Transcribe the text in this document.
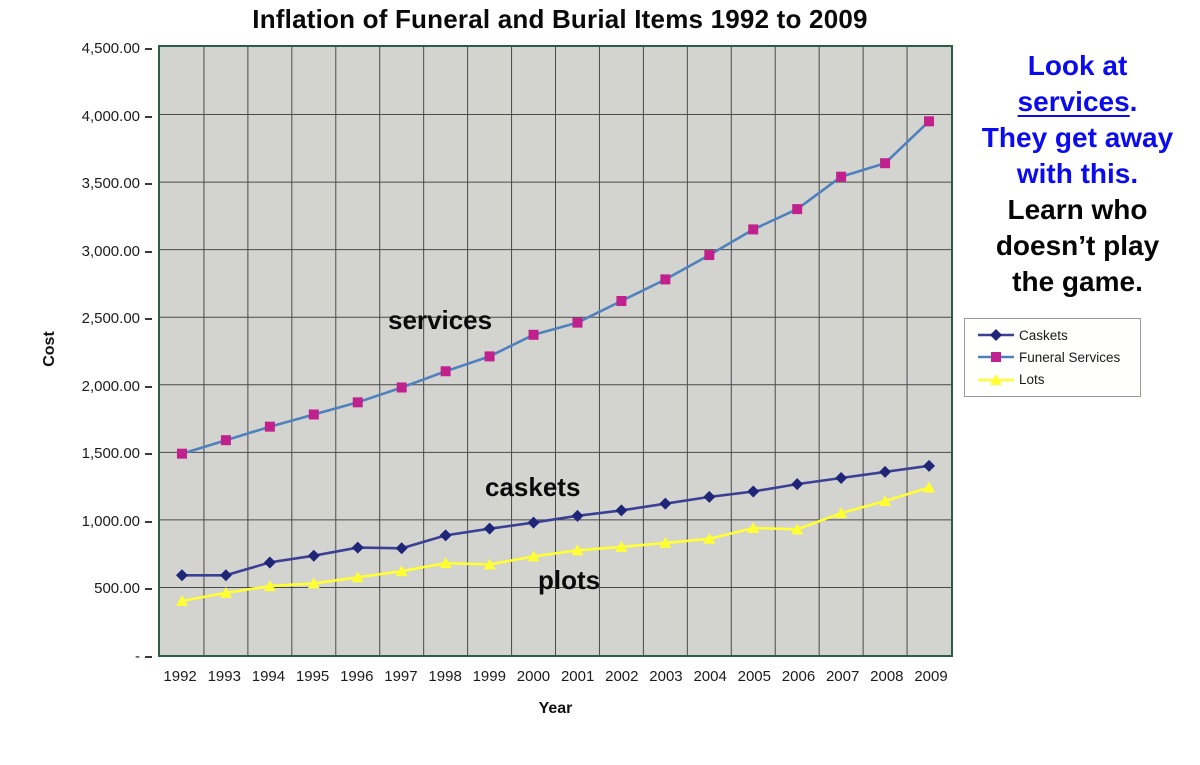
Inflation of Funeral and Burial Items 1992 to 2009
Cost
4,500.00
4,000.00
3,500.00
3,000.00
2,500.00
2,000.00
1,500.00
1,000.00
500.00
-
services
caskets
plots
1992 1993 1994 1995 1996 1997 1998 1999 2000 2001 2002 2003 2004 2005 2006 2007 2008 2009
Year
Look at
services.
They get away
with this.
Learn who
doesn’t play
the game.
Caskets
Funeral Services
Lots
